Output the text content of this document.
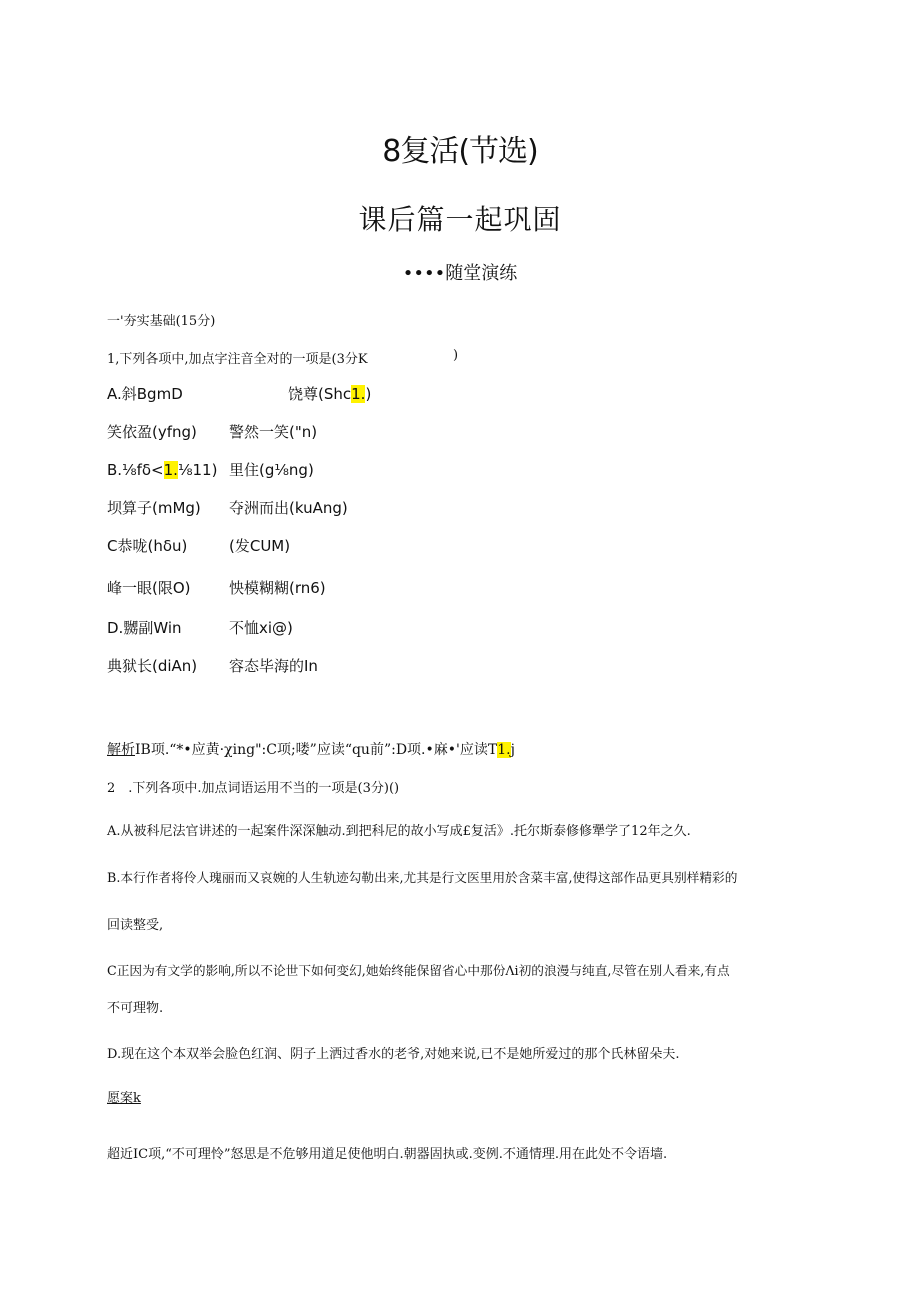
8复活(节选)
课后篇一起巩固
••••随堂演练
一'夯实基础(15分)
1,下列各项中,加点字注音全对的一项是(3分K	)
A.斜BgmD	饶尊(Shc1.)
笑依盈(yfng) 警然一笑("n)
B.⅛fδ<1.⅛11) 里住(g⅛ng)
坝算子(mMg) 夺洲而出(kuAng)
C恭咙(hδu)	(发CUM)
峰一眼(限O)	怏模糊糊(rn6)
D.嬲副Win	不恤xi@)
典狱长(diAn) 容态毕海的In
解析IB项.“*•应黄·χing":C项;喽”应读“qu前”:D项.•麻•'应读T1.j
2　.下列各项中.加点词语运用不当的一项是(3分)()
A.从被科尼法官讲述的一起案件深深触动.到把科尼的故小写成£复活》.托尔斯泰修修犟学了12年之久.
B.本行作者将伶人瑰丽而又哀婉的人生轨迹勾勒出来,尤其是行文医里用於含菜丰富,使得这部作品更具别样精彩的
回读整受,
C正因为有文学的影响,所以不论世下如何变幻,她始终能保留省心中那份Λi初的浪漫与纯直,尽管在别人看来,有点
不可理物.
D.现在这个本双举会脸色红润、阴子上洒过香水的老爷,对她来说,已不是她所爱过的那个氏林留朵夫.
愿案k
超近IC项,“不可理怜”怒思是不危够用道足使他明白.朝器固执或.变例.不通情理.用在此处不令语墙.
